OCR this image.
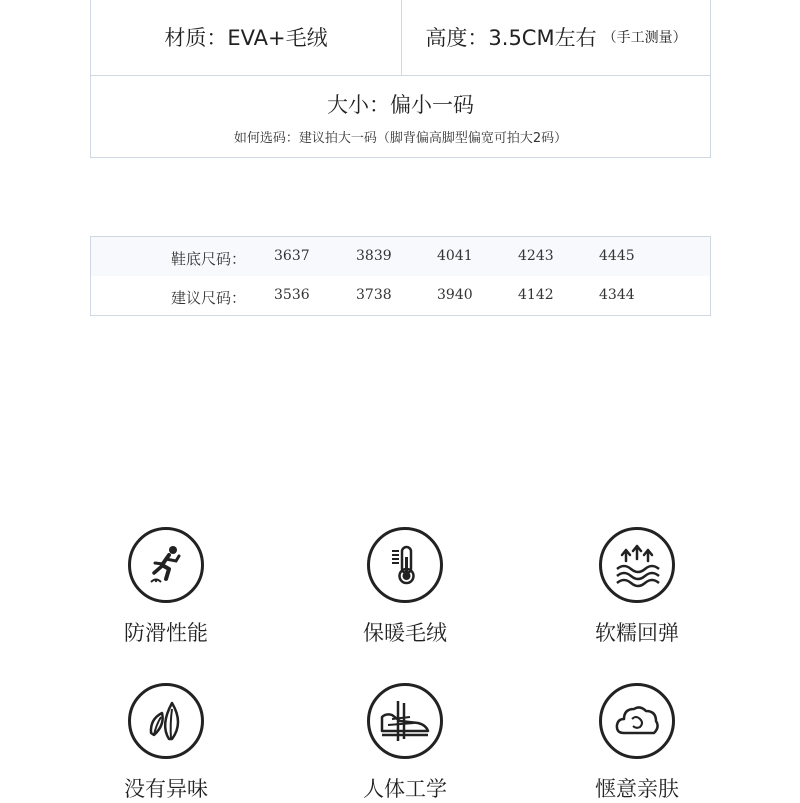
材质：EVA+毛绒	高度：3.5CM左右 （手工测量）
大小：偏小一码
如何选码：建议拍大一码（脚背偏高脚型偏宽可拍大2码）
鞋底尺码： 3637	3839	4041	4243	4445
建议尺码： 3536	3738	3940	4142	4344
防滑性能	保暖毛绒	软糯回弹
没有异味	人体工学	惬意亲肤
